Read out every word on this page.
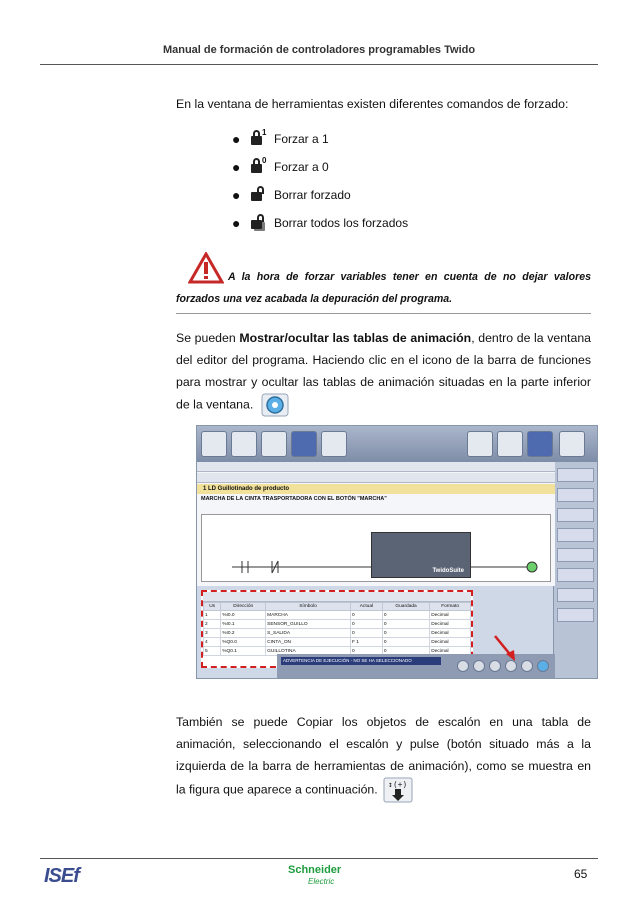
Manual de formación de controladores programables Twido

En la ventana de herramientas existen diferentes comandos de forzado:

●	1 Forzar a 1
●	0 Forzar a 0
●	Borrar forzado
●	Borrar todos los forzados

A la hora de forzar variables tener en cuenta de no dejar valores forzados una vez acabada la depuración del programa.

Se pueden Mostrar/ocultar las tablas de animación, dentro de la ventana del editor del programa. Haciendo clic en el icono de la barra de funciones para mostrar y ocultar las tablas de animación situadas en la parte inferior de la ventana.

1 LD Guillotinado de producto
MARCHA DE LA CINTA TRASPORTADORA CON EL BOTÓN "MARCHA"
TwidoSuite
Us	Dirección	Símbolo	Actual	Guardada	Formato
1	%I0.0	MARCHA	0	0	Decimal
2	%I0.1	SENSOR_GUILLO	0	0	Decimal
3	%I0.2	S_SALIDA	0	0	Decimal
4	%Q0.0	CINTA_ON	F 1	0	Decimal
5	%Q0.1	GUILLOTINA	0	0	Decimal
ADVERTENCIA DE EJECUCIÓN - NO SE HA SELECCIONADO

También se puede Copiar los objetos de escalón en una tabla de animación, seleccionando el escalón y pulse (botón situado más a la izquierda de la barra de herramientas de animación), como se muestra en la figura que aparece a continuación. ↕(+)

ISEf	Schneider
Electric
65
